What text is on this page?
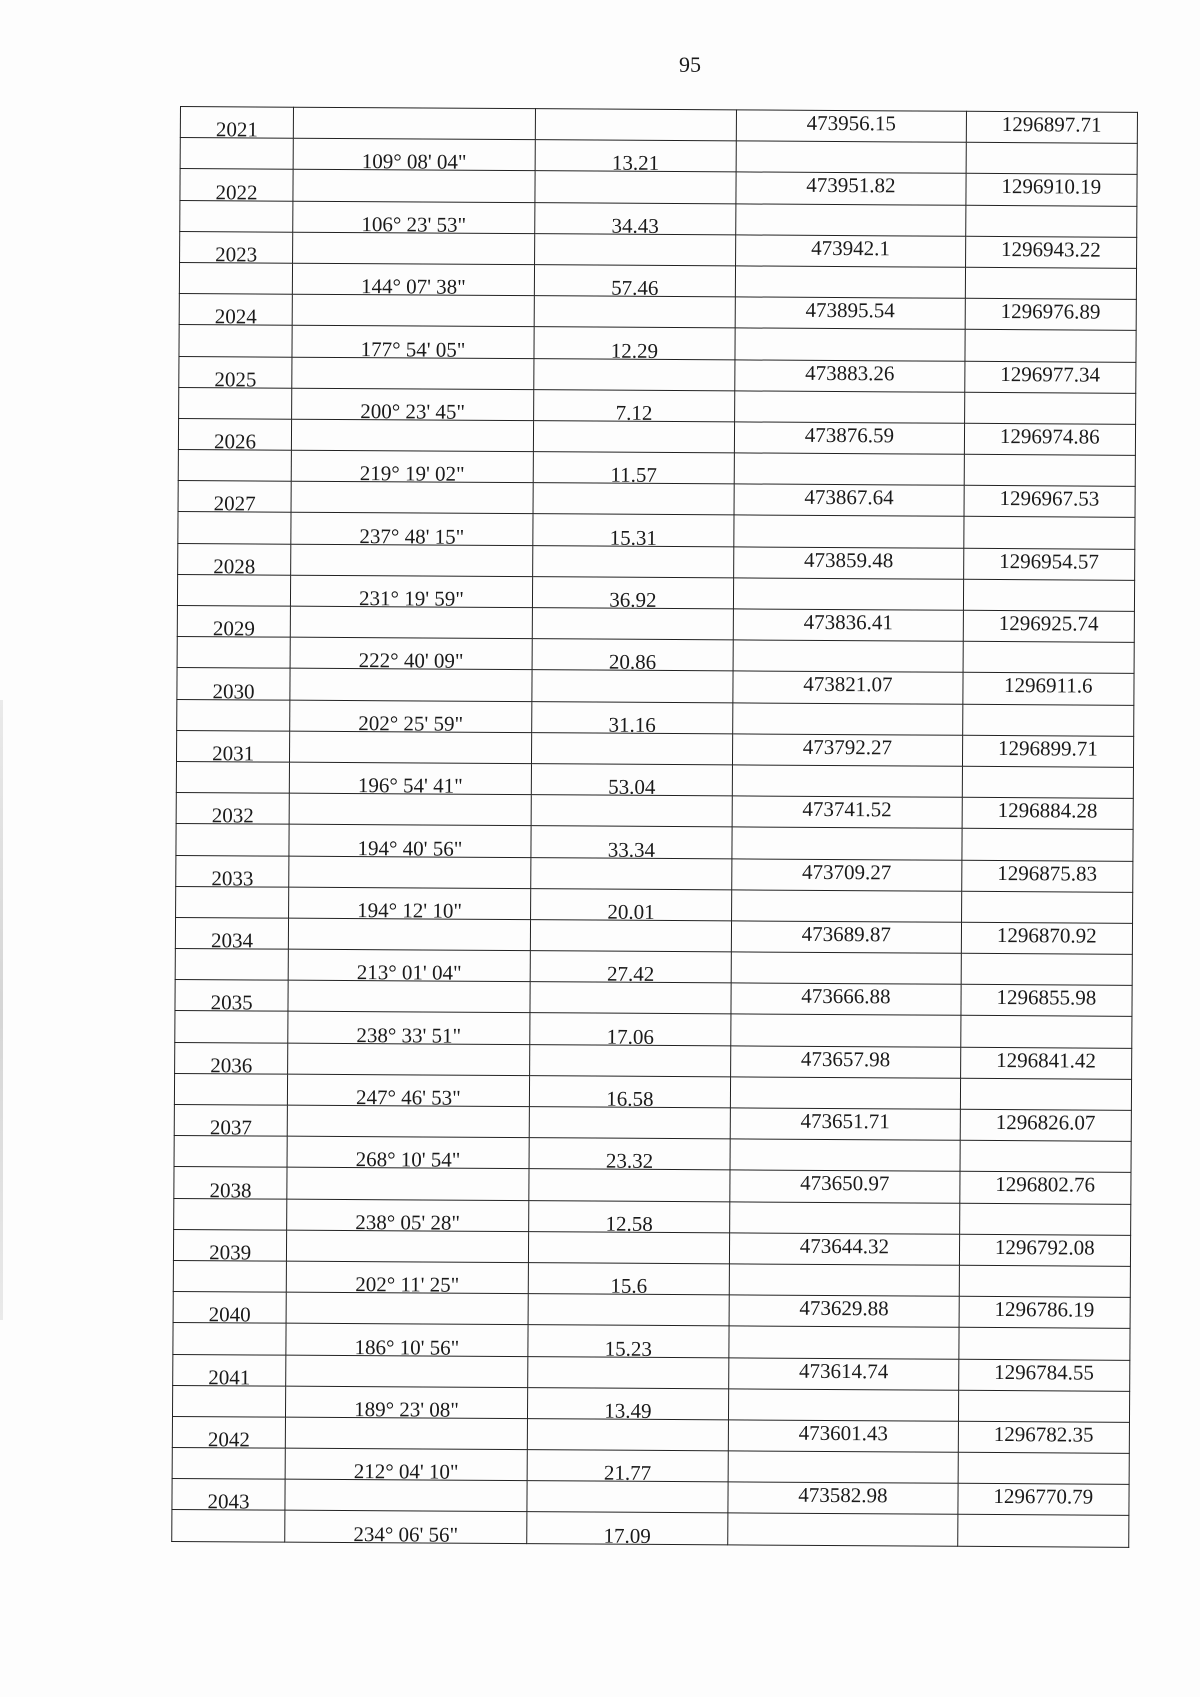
95
2021			473956.15	1296897.71
	109° 08' 04"	13.21		
2022			473951.82	1296910.19
	106° 23' 53"	34.43		
2023			473942.1	1296943.22
	144° 07' 38"	57.46		
2024			473895.54	1296976.89
	177° 54' 05"	12.29		
2025			473883.26	1296977.34
	200° 23' 45"	7.12		
2026			473876.59	1296974.86
	219° 19' 02"	11.57		
2027			473867.64	1296967.53
	237° 48' 15"	15.31		
2028			473859.48	1296954.57
	231° 19' 59"	36.92		
2029			473836.41	1296925.74
	222° 40' 09"	20.86		
2030			473821.07	1296911.6
	202° 25' 59"	31.16		
2031			473792.27	1296899.71
	196° 54' 41"	53.04		
2032			473741.52	1296884.28
	194° 40' 56"	33.34		
2033			473709.27	1296875.83
	194° 12' 10"	20.01		
2034			473689.87	1296870.92
	213° 01' 04"	27.42		
2035			473666.88	1296855.98
	238° 33' 51"	17.06		
2036			473657.98	1296841.42
	247° 46' 53"	16.58		
2037			473651.71	1296826.07
	268° 10' 54"	23.32		
2038			473650.97	1296802.76
	238° 05' 28"	12.58		
2039			473644.32	1296792.08
	202° 11' 25"	15.6		
2040			473629.88	1296786.19
	186° 10' 56"	15.23		
2041			473614.74	1296784.55
	189° 23' 08"	13.49		
2042			473601.43	1296782.35
	212° 04' 10"	21.77		
2043			473582.98	1296770.79
	234° 06' 56"	17.09		
